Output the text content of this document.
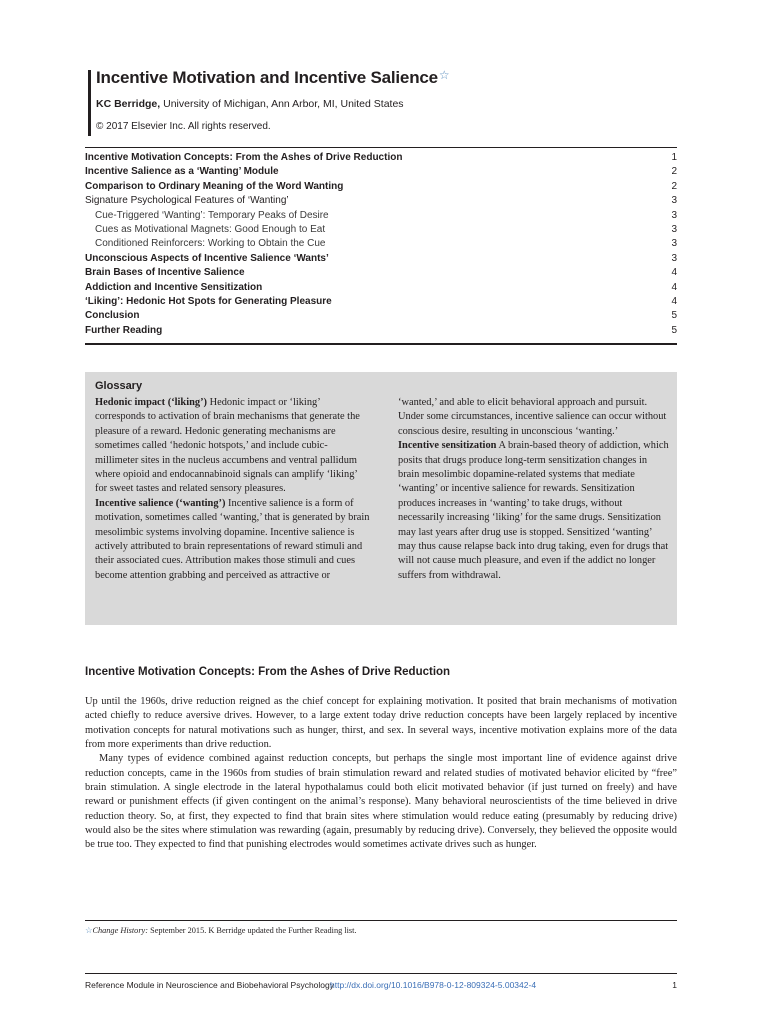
Incentive Motivation and Incentive Salience☆
KC Berridge, University of Michigan, Ann Arbor, MI, United States
© 2017 Elsevier Inc. All rights reserved.
Incentive Motivation Concepts: From the Ashes of Drive Reduction	1
Incentive Salience as a ‘Wanting’ Module	2
Comparison to Ordinary Meaning of the Word Wanting	2
Signature Psychological Features of ‘Wanting’	3
Cue-Triggered ‘Wanting’: Temporary Peaks of Desire	3
Cues as Motivational Magnets: Good Enough to Eat	3
Conditioned Reinforcers: Working to Obtain the Cue	3
Unconscious Aspects of Incentive Salience ‘Wants’	3
Brain Bases of Incentive Salience	4
Addiction and Incentive Sensitization	4
‘Liking’: Hedonic Hot Spots for Generating Pleasure	4
Conclusion	5
Further Reading	5
Glossary

Hedonic impact (‘liking’) Hedonic impact or ‘liking’ corresponds to activation of brain mechanisms that generate the pleasure of a reward. Hedonic generating mechanisms are sometimes called ‘hedonic hotspots,’ and include cubic-millimeter sites in the nucleus accumbens and ventral pallidum where opioid and endocannabinoid signals can amplify ‘liking’ for sweet tastes and related sensory pleasures.

Incentive salience (‘wanting’) Incentive salience is a form of motivation, sometimes called ‘wanting,’ that is generated by brain mesolimbic systems involving dopamine. Incentive salience is actively attributed to brain representations of reward stimuli and their associated cues. Attribution makes those stimuli and cues become attention grabbing and perceived as attractive or

‘wanted,’ and able to elicit behavioral approach and pursuit. Under some circumstances, incentive salience can occur without conscious desire, resulting in unconscious ‘wanting.’

Incentive sensitization A brain-based theory of addiction, which posits that drugs produce long-term sensitization changes in brain mesolimbic dopamine-related systems that mediate ‘wanting’ or incentive salience for rewards. Sensitization produces increases in ‘wanting’ to take drugs, without necessarily increasing ‘liking’ for the same drugs. Sensitization may last years after drug use is stopped. Sensitized ‘wanting’ may thus cause relapse back into drug taking, even for drugs that will not cause much pleasure, and even if the addict no longer suffers from withdrawal.

Incentive Motivation Concepts: From the Ashes of Drive Reduction

Up until the 1960s, drive reduction reigned as the chief concept for explaining motivation. It posited that brain mechanisms of motivation acted chiefly to reduce aversive drives. However, to a large extent today drive reduction concepts have been largely replaced by incentive motivation concepts for natural motivations such as hunger, thirst, and sex. In several ways, incentive motivation explains more of the data from more experiments than drive reduction.

Many types of evidence combined against reduction concepts, but perhaps the single most important line of evidence against drive reduction concepts, came in the 1960s from studies of brain stimulation reward and related studies of motivated behavior elicited by “free” brain stimulation. A single electrode in the lateral hypothalamus could both elicit motivated behavior (if just turned on freely) and have reward or punishment effects (if given contingent on the animal’s response). Many behavioral neuroscientists of the time believed in drive reduction theory. So, at first, they expected to find that brain sites where stimulation would reduce eating (presumably by reducing drive) would also be the sites where stimulation was rewarding (again, presumably by reducing drive). Conversely, they believed the opposite would be true too. They expected to find that punishing electrodes would sometimes activate drives such as hunger.

☆Change History: September 2015. K Berridge updated the Further Reading list.
Reference Module in Neuroscience and Biobehavioral Psychology
http://dx.doi.org/10.1016/B978-0-12-809324-5.00342-4	1
